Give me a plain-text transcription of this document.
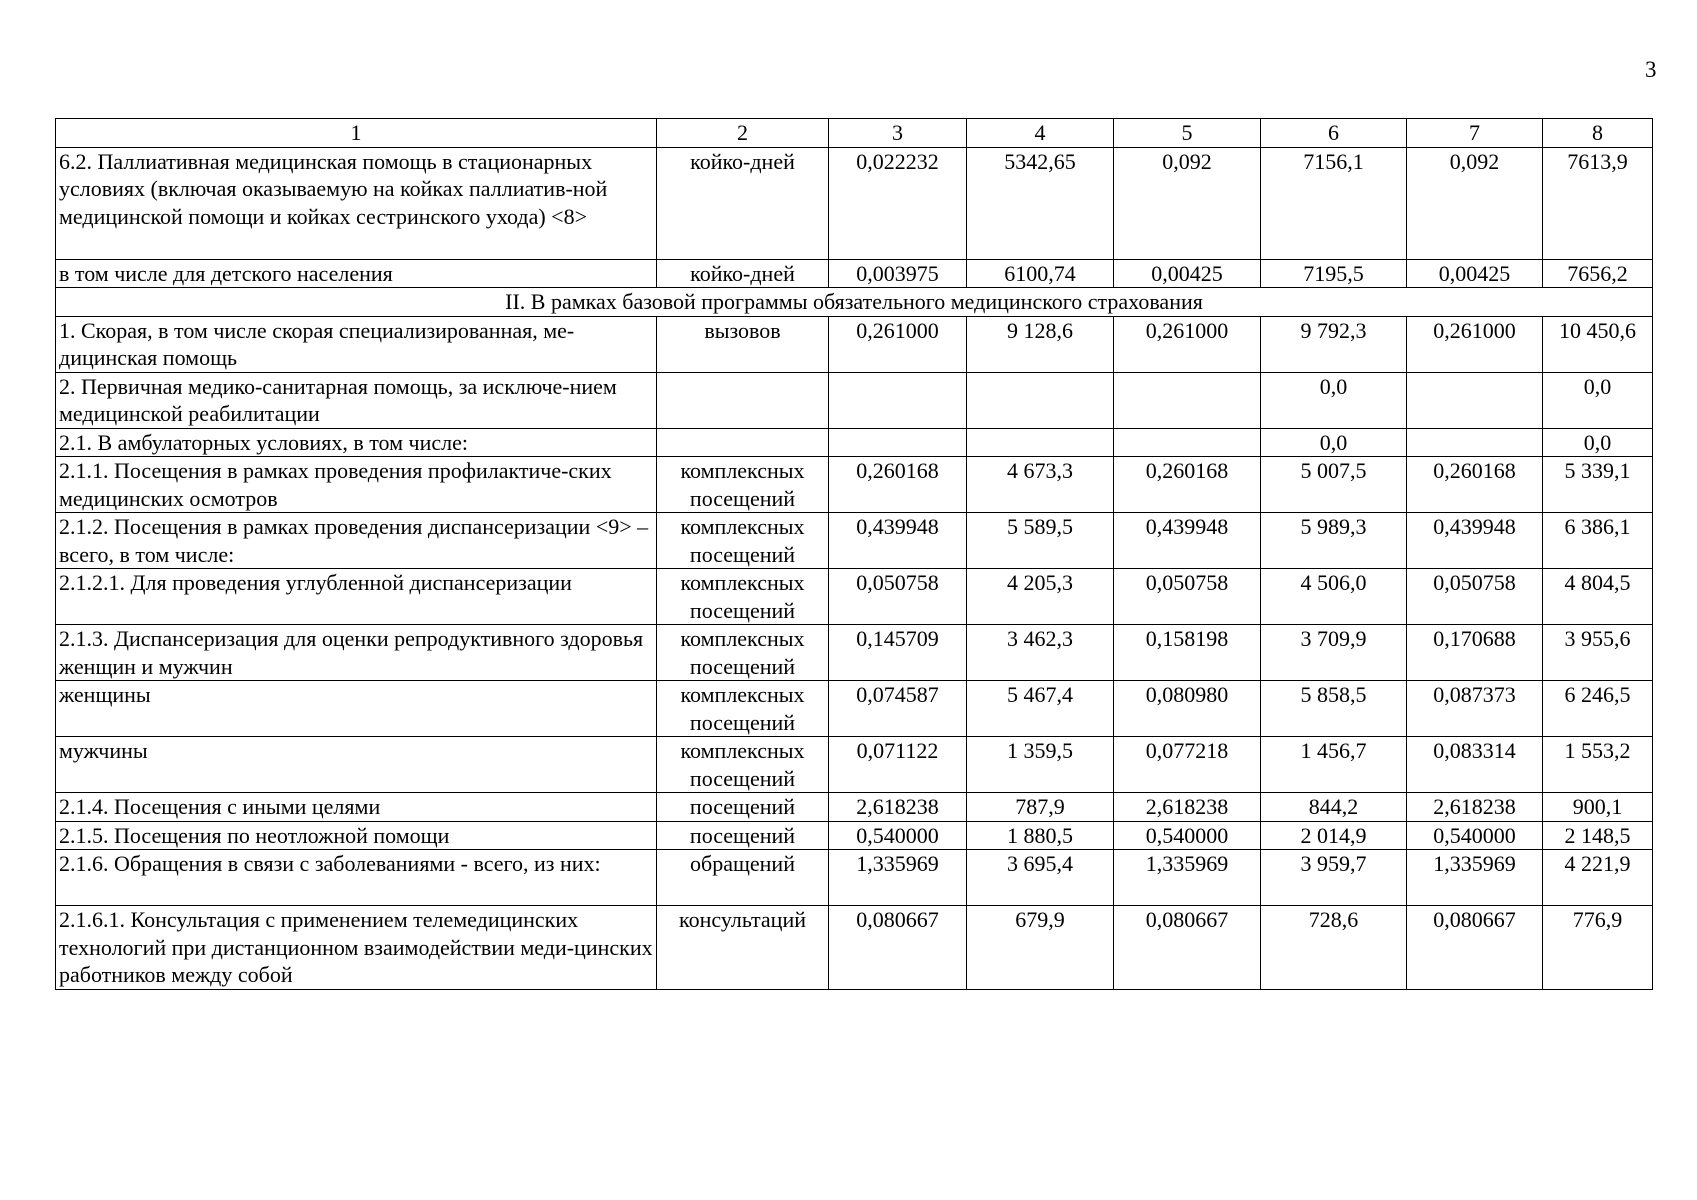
3
1	2	3	4	5	6	7	8
6.2. Паллиативная медицинская помощь в стационарных условиях (включая оказываемую на койках паллиатив-ной медицинской помощи и койках сестринского ухода) <8>	койко-дней	0,022232	5342,65	0,092	7156,1	0,092	7613,9
в том числе для детского населения	койко-дней	0,003975	6100,74	0,00425	7195,5	0,00425	7656,2
II. В рамках базовой программы обязательного медицинского страхования							
1. Скорая, в том числе скорая специализированная, ме-дицинская помощь	вызовов	0,261000	9 128,6	0,261000	9 792,3	0,261000	10 450,6
2. Первичная медико-санитарная помощь, за исключе-нием медицинской реабилитации					0,0		0,0
2.1. В амбулаторных условиях, в том числе:					0,0		0,0
2.1.1. Посещения в рамках проведения профилактиче-ских медицинских осмотров	комплексных посещений	0,260168	4 673,3	0,260168	5 007,5	0,260168	5 339,1
2.1.2. Посещения в рамках проведения диспансеризации <9> – всего, в том числе:	комплексных посещений	0,439948	5 589,5	0,439948	5 989,3	0,439948	6 386,1
2.1.2.1. Для проведения углубленной диспансеризации	комплексных посещений	0,050758	4 205,3	0,050758	4 506,0	0,050758	4 804,5
2.1.3. Диспансеризация для оценки репродуктивного здоровья женщин и мужчин	комплексных посещений	0,145709	3 462,3	0,158198	3 709,9	0,170688	3 955,6
женщины	комплексных посещений	0,074587	5 467,4	0,080980	5 858,5	0,087373	6 246,5
мужчины	комплексных посещений	0,071122	1 359,5	0,077218	1 456,7	0,083314	1 553,2
2.1.4. Посещения с иными целями	посещений	2,618238	787,9	2,618238	844,2	2,618238	900,1
2.1.5. Посещения по неотложной помощи	посещений	0,540000	1 880,5	0,540000	2 014,9	0,540000	2 148,5
2.1.6. Обращения в связи с заболеваниями - всего, из них:	обращений	1,335969	3 695,4	1,335969	3 959,7	1,335969	4 221,9
2.1.6.1. Консультация с применением телемедицинских технологий при дистанционном взаимодействии меди-цинских работников между собой	консультаций	0,080667	679,9	0,080667	728,6	0,080667	776,9
